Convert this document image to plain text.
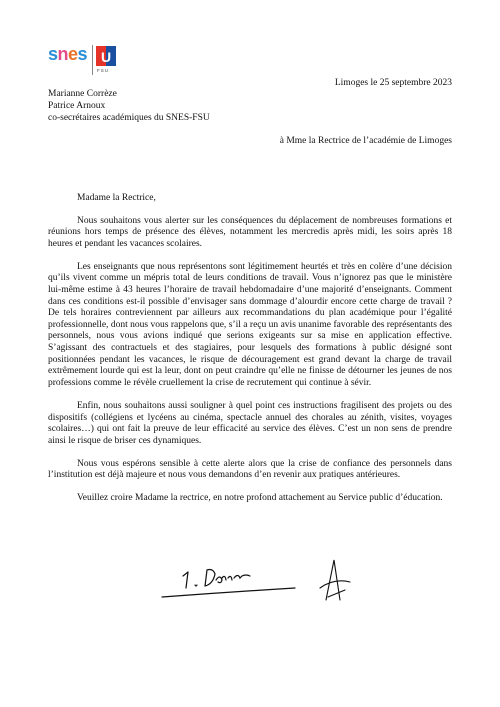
snes U
FSU
Limoges le 25 septembre 2023
Marianne Corrèze
Patrice Arnoux
co-secrétaires académiques du SNES-FSU
à Mme la Rectrice de l’académie de Limoges
Madame la Rectrice,

Nous souhaitons vous alerter sur les conséquences du déplacement de nombreuses formations et réunions hors temps de présence des élèves, notamment les mercredis après midi, les soirs après 18 heures et pendant les vacances scolaires.

Les enseignants que nous représentons sont légitimement heurtés et très en colère d’une décision qu’ils vivent comme un mépris total de leurs conditions de travail. Vous n’ignorez pas que le ministère lui-même estime à 43 heures l’horaire de travail hebdomadaire d’une majorité d’enseignants. Comment dans ces conditions est-il possible d’envisager sans dommage d’alourdir encore cette charge de travail ? De tels horaires contreviennent par ailleurs aux recommandations du plan académique pour l’égalité professionnelle, dont nous vous rappelons que, s’il a reçu un avis unanime favorable des représentants des personnels, nous vous avions indiqué que serions exigeants sur sa mise en application effective. S’agissant des contractuels et des stagiaires, pour lesquels des formations à public désigné sont positionnées pendant les vacances, le risque de découragement est grand devant la charge de travail extrêmement lourde qui est la leur, dont on peut craindre qu’elle ne finisse de détourner les jeunes de nos professions comme le révèle cruellement la crise de recrutement qui continue à sévir.

Enfin, nous souhaitons aussi souligner à quel point ces instructions fragilisent des projets ou des dispositifs (collégiens et lycéens au cinéma, spectacle annuel des chorales au zénith, visites, voyages scolaires…) qui ont fait la preuve de leur efficacité au service des élèves. C’est un non sens de prendre ainsi le risque de briser ces dynamiques.

Nous vous espérons sensible à cette alerte alors que la crise de confiance des personnels dans l’institution est déjà majeure et nous vous demandons d’en revenir aux pratiques antérieures.

Veuillez croire Madame la rectrice, en notre profond attachement au Service public d’éducation.
